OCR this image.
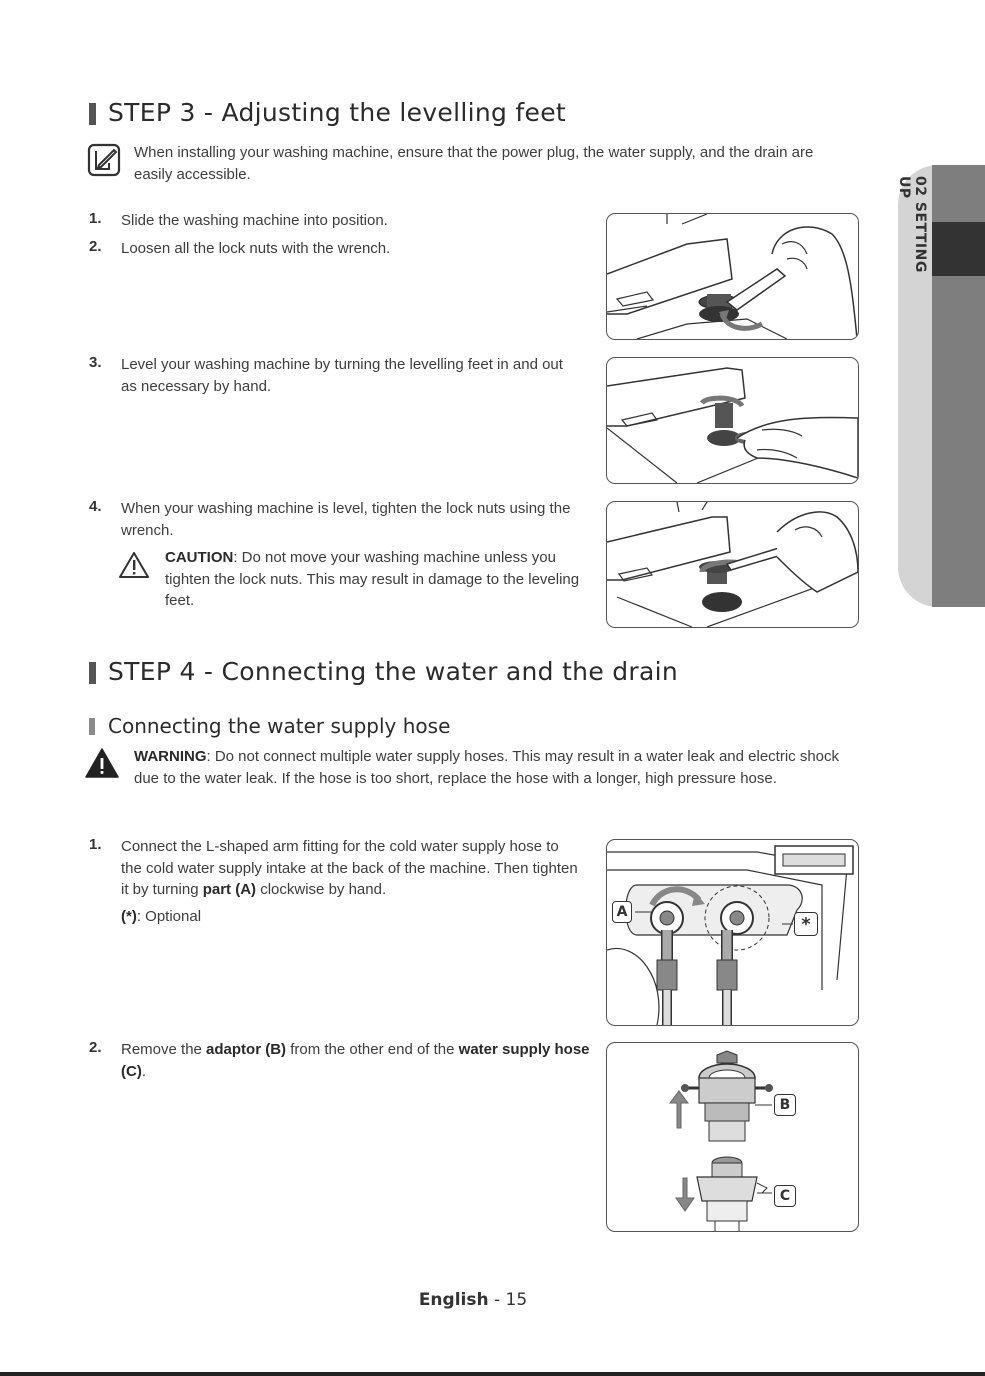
02 SETTING UP
STEP 3 - Adjusting the levelling feet
When installing your washing machine, ensure that the power plug, the water supply, and the drain are easily accessible.
1. Slide the washing machine into position.
2. Loosen all the lock nuts with the wrench.
3. Level your washing machine by turning the levelling feet in and out as necessary by hand.
4. When your washing machine is level, tighten the lock nuts using the wrench.
CAUTION: Do not move your washing machine unless you tighten the lock nuts. This may result in damage to the leveling feet.
STEP 4 - Connecting the water and the drain
Connecting the water supply hose
WARNING: Do not connect multiple water supply hoses. This may result in a water leak and electric shock due to the water leak. If the hose is too short, replace the hose with a longer, high pressure hose.
1. Connect the L-shaped arm fitting for the cold water supply hose to the cold water supply intake at the back of the machine. Then tighten it by turning part (A) clockwise by hand.
(*): Optional
2. Remove the adaptor (B) from the other end of the water supply hose (C).
A
*
B
C
English - 15
